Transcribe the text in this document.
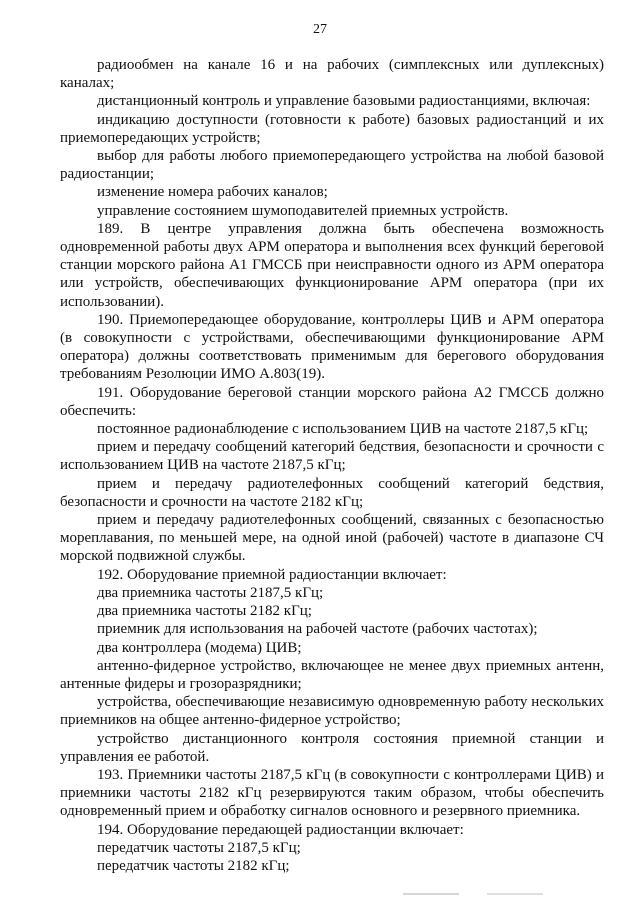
27

радиообмен на канале 16 и на рабочих (симплексных или дуплексных) каналах;

дистанционный контроль и управление базовыми радиостанциями, включая:

индикацию доступности (готовности к работе) базовых радиостанций и их приемопередающих устройств;

выбор для работы любого приемопередающего устройства на любой базовой радиостанции;

изменение номера рабочих каналов;

управление состоянием шумоподавителей приемных устройств.

189. В центре управления должна быть обеспечена возможность одновременной работы двух АРМ оператора и выполнения всех функций береговой станции морского района А1 ГМССБ при неисправности одного из АРМ оператора или устройств, обеспечивающих функционирование АРМ оператора (при их использовании).

190. Приемопередающее оборудование, контроллеры ЦИВ и АРМ оператора (в совокупности с устройствами, обеспечивающими функционирование АРМ оператора) должны соответствовать применимым для берегового оборудования требованиям Резолюции ИМО А.803(19).

191. Оборудование береговой станции морского района А2 ГМССБ должно обеспечить:

постоянное радионаблюдение с использованием ЦИВ на частоте 2187,5 кГц;

прием и передачу сообщений категорий бедствия, безопасности и срочности с использованием ЦИВ на частоте 2187,5 кГц;

прием и передачу радиотелефонных сообщений категорий бедствия, безопасности и срочности на частоте 2182 кГц;

прием и передачу радиотелефонных сообщений, связанных с безопасностью мореплавания, по меньшей мере, на одной иной (рабочей) частоте в диапазоне СЧ морской подвижной службы.

192. Оборудование приемной радиостанции включает:

два приемника частоты 2187,5 кГц;

два приемника частоты 2182 кГц;

приемник для использования на рабочей частоте (рабочих частотах);

два контроллера (модема) ЦИВ;

антенно-фидерное устройство, включающее не менее двух приемных антенн, антенные фидеры и грозоразрядники;

устройства, обеспечивающие независимую одновременную работу нескольких приемников на общее антенно-фидерное устройство;

устройство дистанционного контроля состояния приемной станции и управления ее работой.

193. Приемники частоты 2187,5 кГц (в совокупности с контроллерами ЦИВ) и приемники частоты 2182 кГц резервируются таким образом, чтобы обеспечить одновременный прием и обработку сигналов основного и резервного приемника.

194. Оборудование передающей радиостанции включает:

передатчик частоты 2187,5 кГц;

передатчик частоты 2182 кГц;
